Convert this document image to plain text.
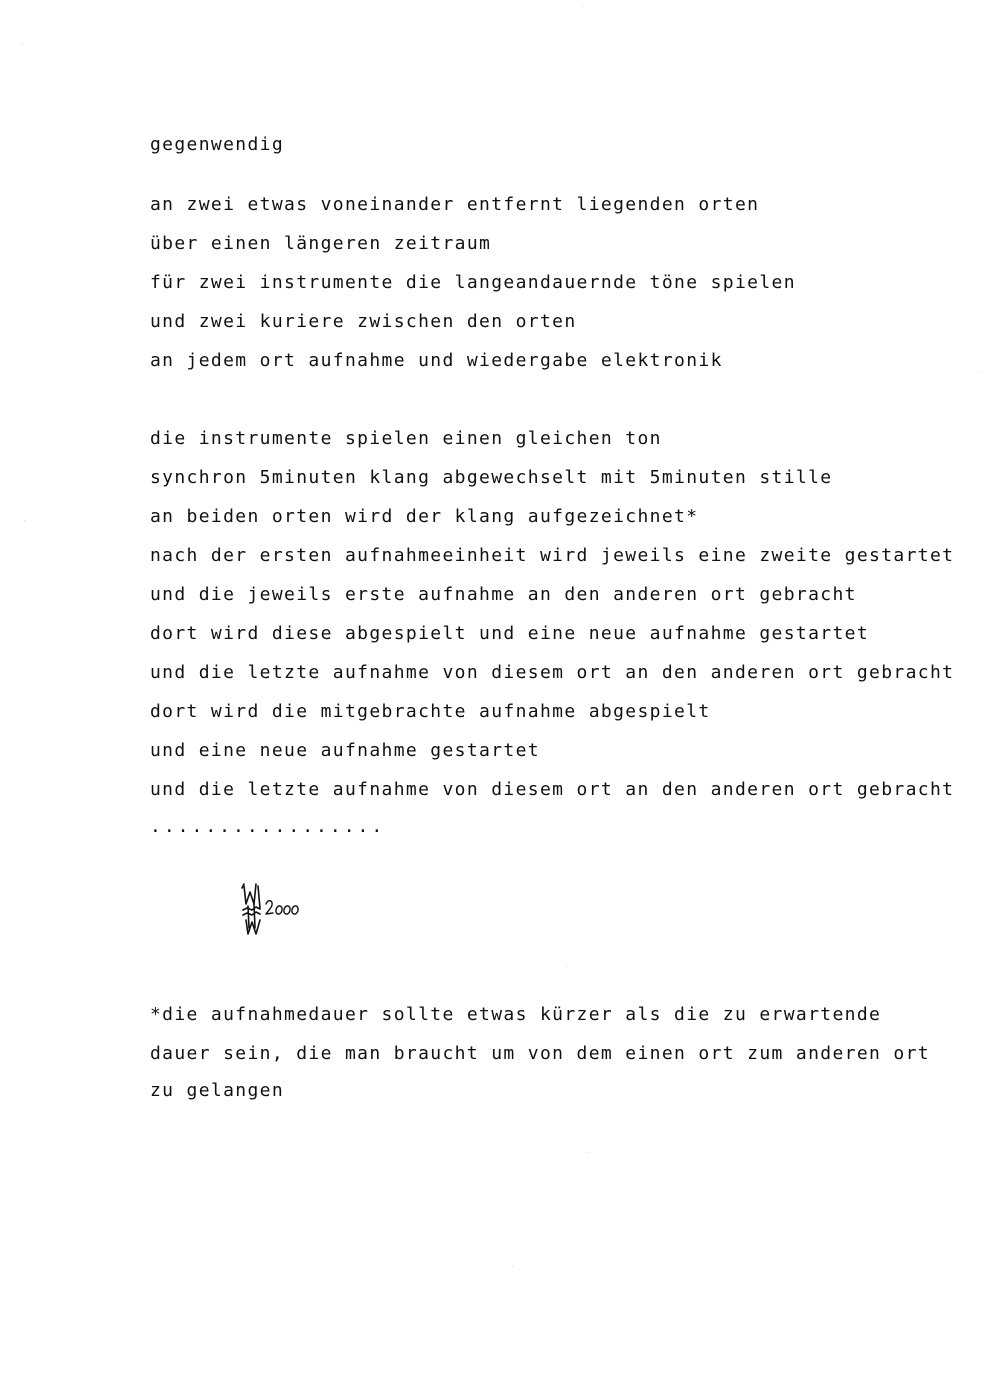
gegenwendig

an zwei etwas voneinander entfernt liegenden orten

über einen längeren zeitraum

für zwei instrumente die langeandauernde töne spielen

und zwei kuriere zwischen den orten

an jedem ort aufnahme und wiedergabe elektronik

die instrumente spielen einen gleichen ton

synchron 5minuten klang abgewechselt mit 5minuten stille

an beiden orten wird der klang aufgezeichnet*

nach der ersten aufnahmeeinheit wird jeweils eine zweite gestartet

und die jeweils erste aufnahme an den anderen ort gebracht

dort wird diese abgespielt und eine neue aufnahme gestartet

und die letzte aufnahme von diesem ort an den anderen ort gebracht

dort wird die mitgebrachte aufnahme abgespielt

und eine neue aufnahme gestartet

und die letzte aufnahme von diesem ort an den anderen ort gebracht

.................

*die aufnahmedauer sollte etwas kürzer als die zu erwartende

dauer sein, die man braucht um von dem einen ort zum anderen ort

zu gelangen
